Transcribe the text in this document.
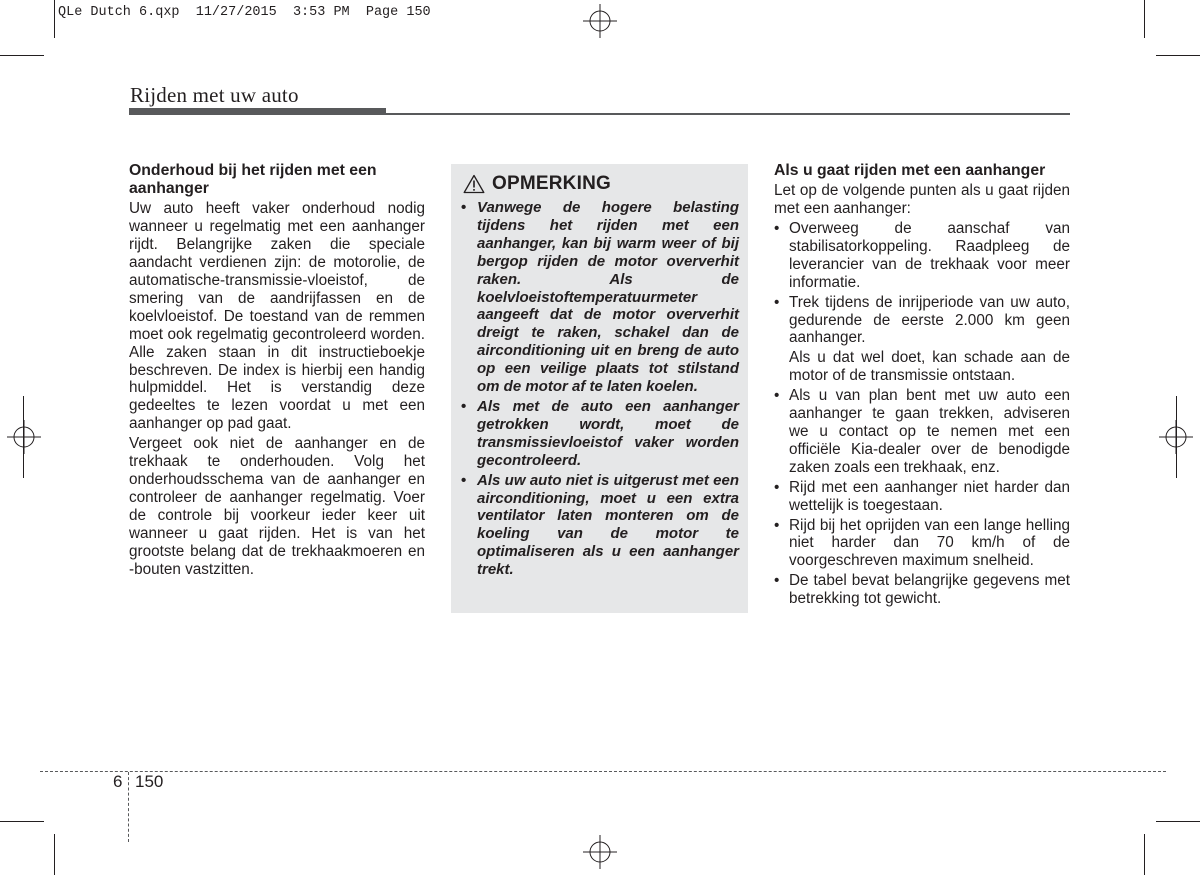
QLe Dutch 6.qxp  11/27/2015  3:53 PM  Page 150
Rijden met uw auto
Onderhoud bij het rijden met een aanhanger

Uw auto heeft vaker onderhoud nodig wanneer u regelmatig met een aanhanger rijdt. Belangrijke zaken die speciale aandacht verdienen zijn: de motorolie, de automatische-transmissie-vloeistof, de smering van de aandrijfassen en de koelvloeistof. De toestand van de remmen moet ook regelmatig gecontroleerd worden. Alle zaken staan in dit instructieboekje beschreven. De index is hierbij een handig hulpmiddel. Het is verstandig deze gedeeltes te lezen voordat u met een aanhanger op pad gaat.

Vergeet ook niet de aanhanger en de trekhaak te onderhouden. Volg het onderhoudsschema van de aanhanger en controleer de aanhanger regelmatig. Voer de controle bij voorkeur ieder keer uit wanneer u gaat rijden. Het is van het grootste belang dat de trekhaakmoeren en -bouten vastzitten.

OPMERKING
• Vanwege de hogere belasting tijdens het rijden met een aanhanger, kan bij warm weer of bij bergop rijden de motor oververhit raken. Als de koelvloeistoftemperatuurmeter aangeeft dat de motor oververhit dreigt te raken, schakel dan de airconditioning uit en breng de auto op een veilige plaats tot stilstand om de motor af te laten koelen.
• Als met de auto een aanhanger getrokken wordt, moet de transmissievloeistof vaker worden gecontroleerd.
• Als uw auto niet is uitgerust met een airconditioning, moet u een extra ventilator laten monteren om de koeling van de motor te optimaliseren als u een aanhanger trekt.
Als u gaat rijden met een aanhanger

Let op de volgende punten als u gaat rijden met een aanhanger:

• Overweeg de aanschaf van stabilisatorkoppeling. Raadpleeg de leverancier van de trekhaak voor meer informatie.

• Trek tijdens de inrijperiode van uw auto, gedurende de eerste 2.000 km geen aanhanger.

Als u dat wel doet, kan schade aan de motor of de transmissie ontstaan.

• Als u van plan bent met uw auto een aanhanger te gaan trekken, adviseren we u contact op te nemen met een officiële Kia-dealer over de benodigde zaken zoals een trekhaak, enz.

• Rijd met een aanhanger niet harder dan wettelijk is toegestaan.

• Rijd bij het oprijden van een lange helling niet harder dan 70 km/h of de voorgeschreven maximum snelheid.

• De tabel bevat belangrijke gegevens met betrekking tot gewicht.

6 150
